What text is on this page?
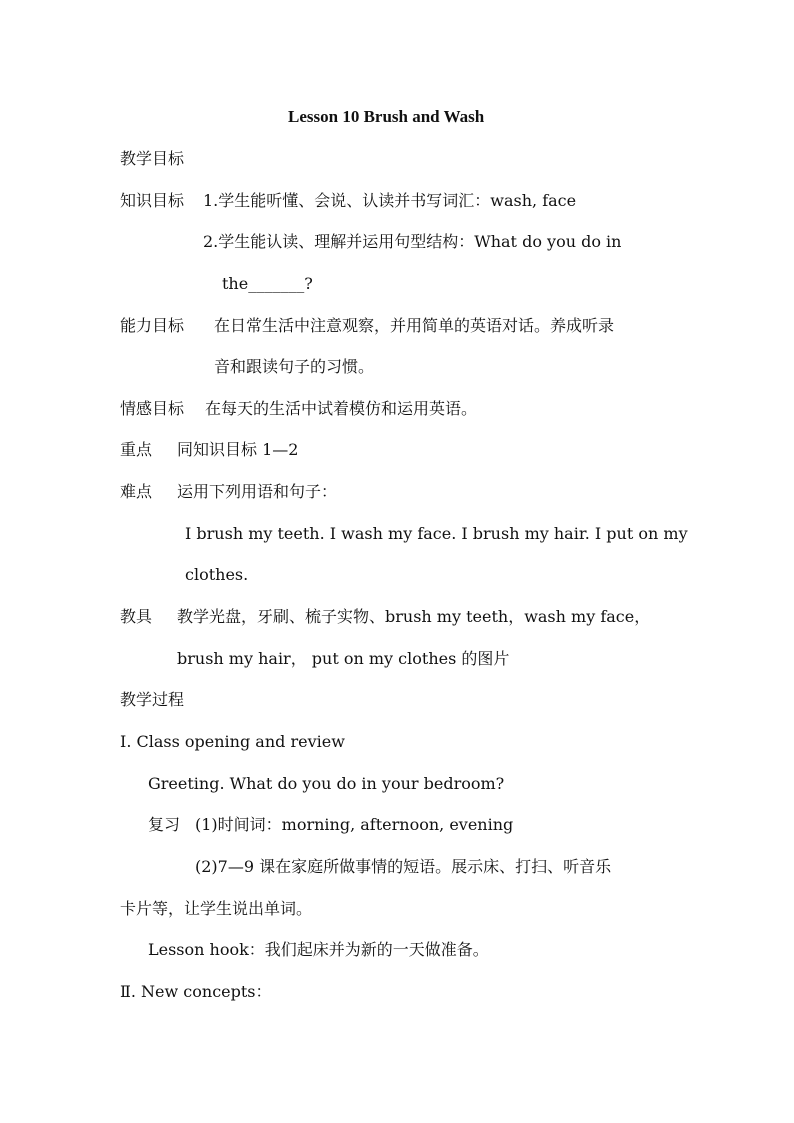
Lesson 10 Brush and Wash
教学目标
知识目标 1.学生能听懂、会说、认读并书写词汇：wash, face
2.学生能认读、理解并运用句型结构：What do you do in
the_______?
能力目标 在日常生活中注意观察，并用简单的英语对话。养成听录
音和跟读句子的习惯。
情感目标 在每天的生活中试着模仿和运用英语。
重点 同知识目标 1—2
难点 运用下列用语和句子：
I brush my teeth. I wash my face. I brush my hair. I put on my
clothes.
教具 教学光盘，牙刷、梳子实物、brush my teeth，wash my face，
brush my hair， put on my clothes 的图片
教学过程
Ⅰ. Class opening and review
Greeting. What do you do in your bedroom?
复习 (1)时间词：morning, afternoon, evening
(2)7—9 课在家庭所做事情的短语。展示床、打扫、听音乐
卡片等，让学生说出单词。
Lesson hook：我们起床并为新的一天做准备。
Ⅱ. New concepts：
